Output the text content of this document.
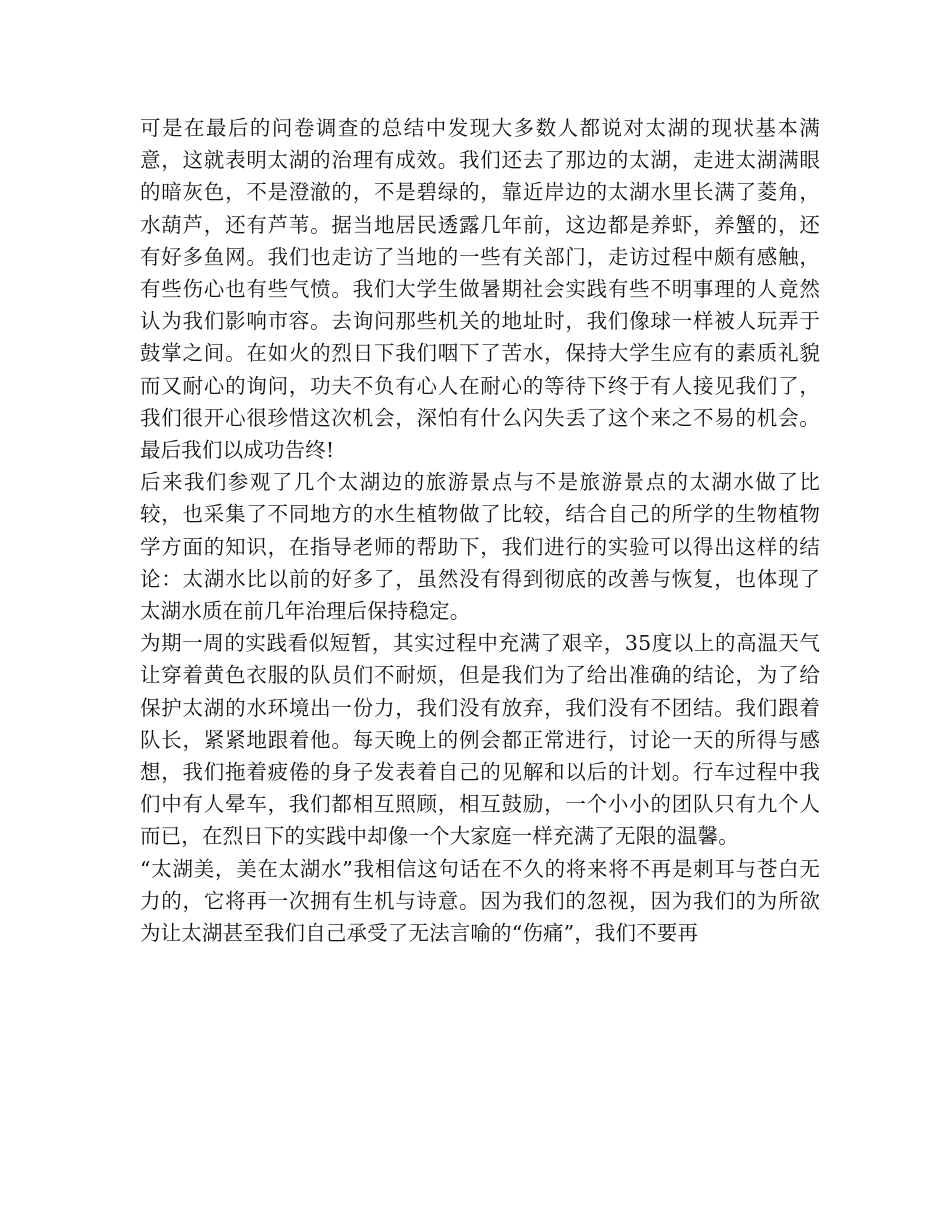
可是在最后的问卷调查的总结中发现大多数人都说对太湖的现状基本满意，这就表明太湖的治理有成效。我们还去了那边的太湖，走进太湖满眼的暗灰色，不是澄澈的，不是碧绿的，靠近岸边的太湖水里长满了菱角，水葫芦，还有芦苇。据当地居民透露几年前，这边都是养虾，养蟹的，还有好多鱼网。我们也走访了当地的一些有关部门，走访过程中颇有感触，有些伤心也有些气愤。我们大学生做暑期社会实践有些不明事理的人竟然认为我们影响市容。去询问那些机关的地址时，我们像球一样被人玩弄于鼓掌之间。在如火的烈日下我们咽下了苦水，保持大学生应有的素质礼貌而又耐心的询问，功夫不负有心人在耐心的等待下终于有人接见我们了，我们很开心很珍惜这次机会，深怕有什么闪失丢了这个来之不易的机会。最后我们以成功告终!

后来我们参观了几个太湖边的旅游景点与不是旅游景点的太湖水做了比较，也采集了不同地方的水生植物做了比较，结合自己的所学的生物植物学方面的知识，在指导老师的帮助下，我们进行的实验可以得出这样的结论：太湖水比以前的好多了，虽然没有得到彻底的改善与恢复，也体现了太湖水质在前几年治理后保持稳定。

为期一周的实践看似短暂，其实过程中充满了艰辛，35度以上的高温天气让穿着黄色衣服的队员们不耐烦，但是我们为了给出准确的结论，为了给保护太湖的水环境出一份力，我们没有放弃，我们没有不团结。我们跟着队长，紧紧地跟着他。每天晚上的例会都正常进行，讨论一天的所得与感想，我们拖着疲倦的身子发表着自己的见解和以后的计划。行车过程中我们中有人晕车，我们都相互照顾，相互鼓励，一个小小的团队只有九个人而已，在烈日下的实践中却像一个大家庭一样充满了无限的温馨。

“太湖美，美在太湖水”我相信这句话在不久的将来将不再是刺耳与苍白无力的，它将再一次拥有生机与诗意。因为我们的忽视，因为我们的为所欲为让太湖甚至我们自己承受了无法言喻的“伤痛”，我们不要再
